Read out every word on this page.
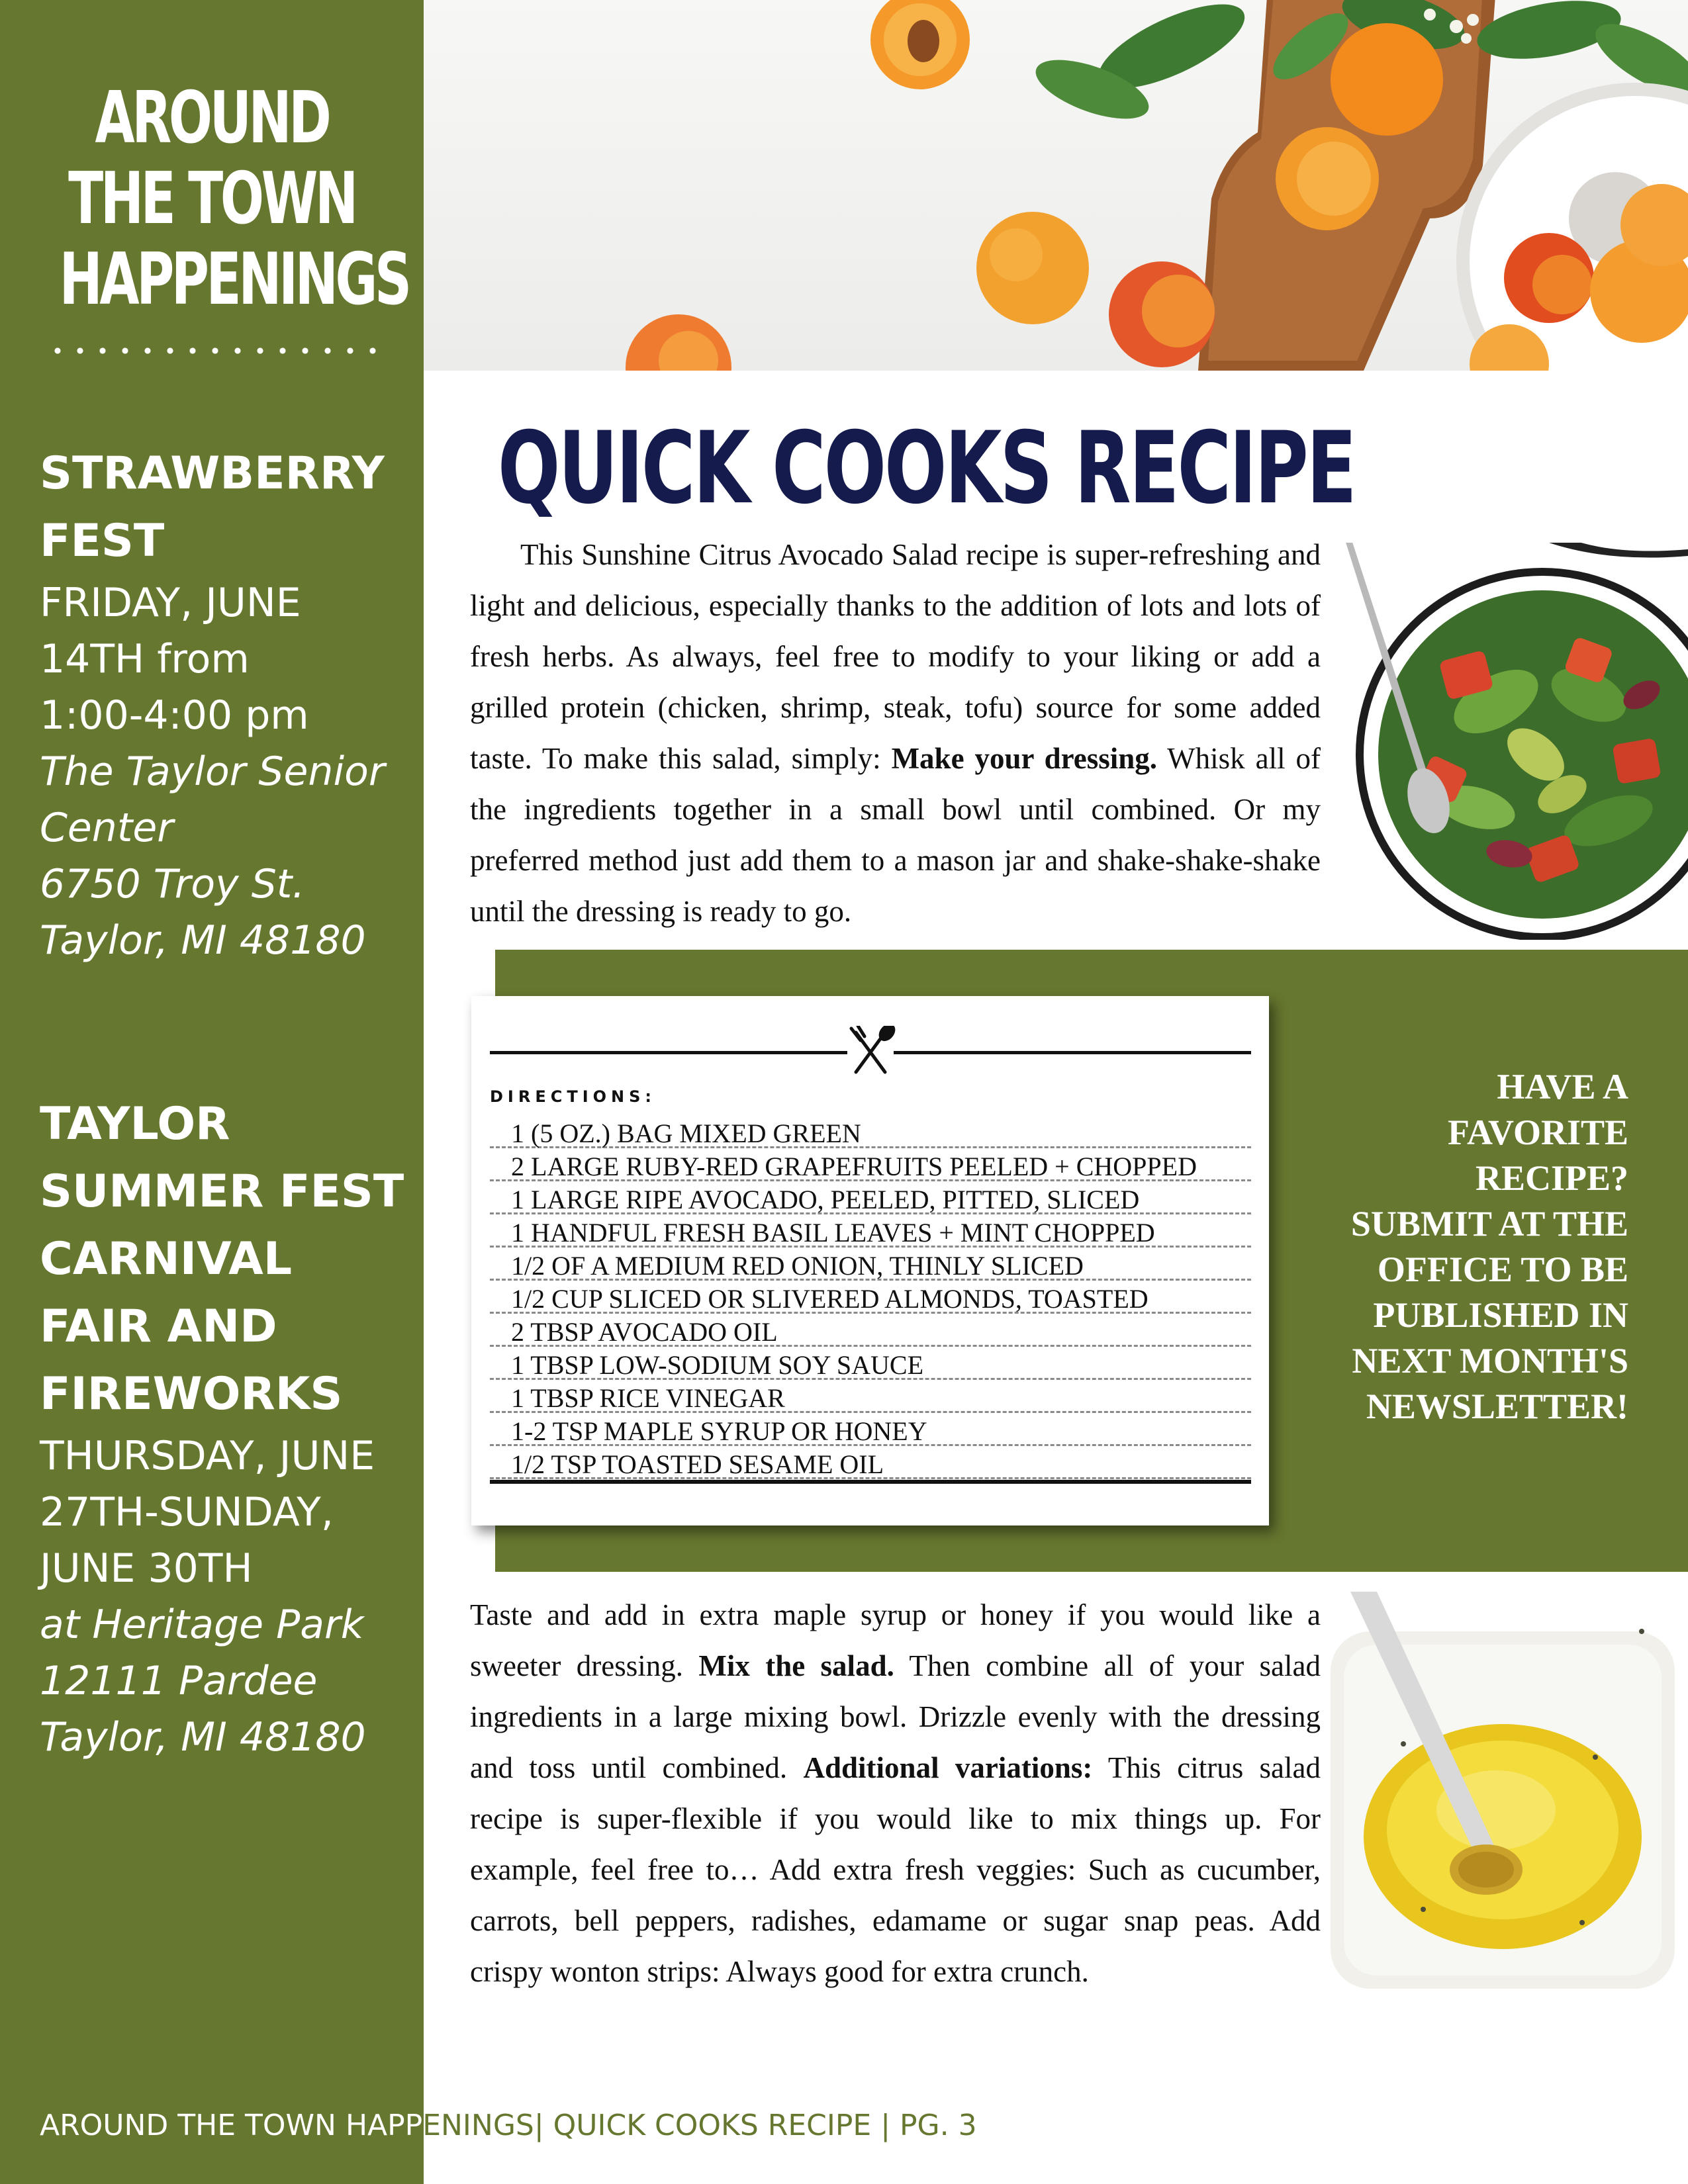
AROUND
THE TOWN
HAPPENINGS
STRAWBERRY
FEST
FRIDAY, JUNE
14TH from
1:00-4:00 pm
The Taylor Senior
Center
6750 Troy St.
Taylor, MI 48180
TAYLOR
SUMMER FEST
CARNIVAL
FAIR AND
FIREWORKS
THURSDAY, JUNE
27TH-SUNDAY,
JUNE 30TH
at Heritage Park
12111 Pardee
Taylor, MI 48180
QUICK COOKS RECIPE

This Sunshine Citrus Avocado Salad recipe is super-refreshing and light and delicious, especially thanks to the addition of lots and lots of fresh herbs. As always, feel free to modify to your liking or add a grilled protein (chicken, shrimp, steak, tofu) source for some added taste. To make this salad, simply: Make your dressing. Whisk all of the ingredients together in a small bowl until combined. Or my preferred method just add them to a mason jar and shake-shake-shake until the dressing is ready to go.

DIRECTIONS:
1 (5 OZ.) BAG MIXED GREEN
2 LARGE RUBY-RED GRAPEFRUITS PEELED + CHOPPED
1 LARGE RIPE AVOCADO, PEELED, PITTED, SLICED
1 HANDFUL FRESH BASIL LEAVES + MINT CHOPPED
1/2 OF A MEDIUM RED ONION, THINLY SLICED
1/2 CUP SLICED OR SLIVERED ALMONDS, TOASTED
2 TBSP AVOCADO OIL
1 TBSP LOW-SODIUM SOY SAUCE
1 TBSP RICE VINEGAR
1-2 TSP MAPLE SYRUP OR HONEY
1/2 TSP TOASTED SESAME OIL
HAVE A
FAVORITE
RECIPE?
SUBMIT AT THE
OFFICE TO BE
PUBLISHED IN
NEXT MONTH'S
NEWSLETTER!

Taste and add in extra maple syrup or honey if you would like a sweeter dressing. Mix the salad. Then combine all of your salad ingredients in a large mixing bowl. Drizzle evenly with the dressing and toss until combined. Additional variations: This citrus salad recipe is super-flexible if you would like to mix things up. For example, feel free to… Add extra fresh veggies: Such as cucumber, carrots, bell peppers, radishes, edamame or sugar snap peas. Add crispy wonton strips: Always good for extra crunch.

AROUND THE TOWN HAPPENINGS| QUICK COOKS RECIPE | PG. 3
